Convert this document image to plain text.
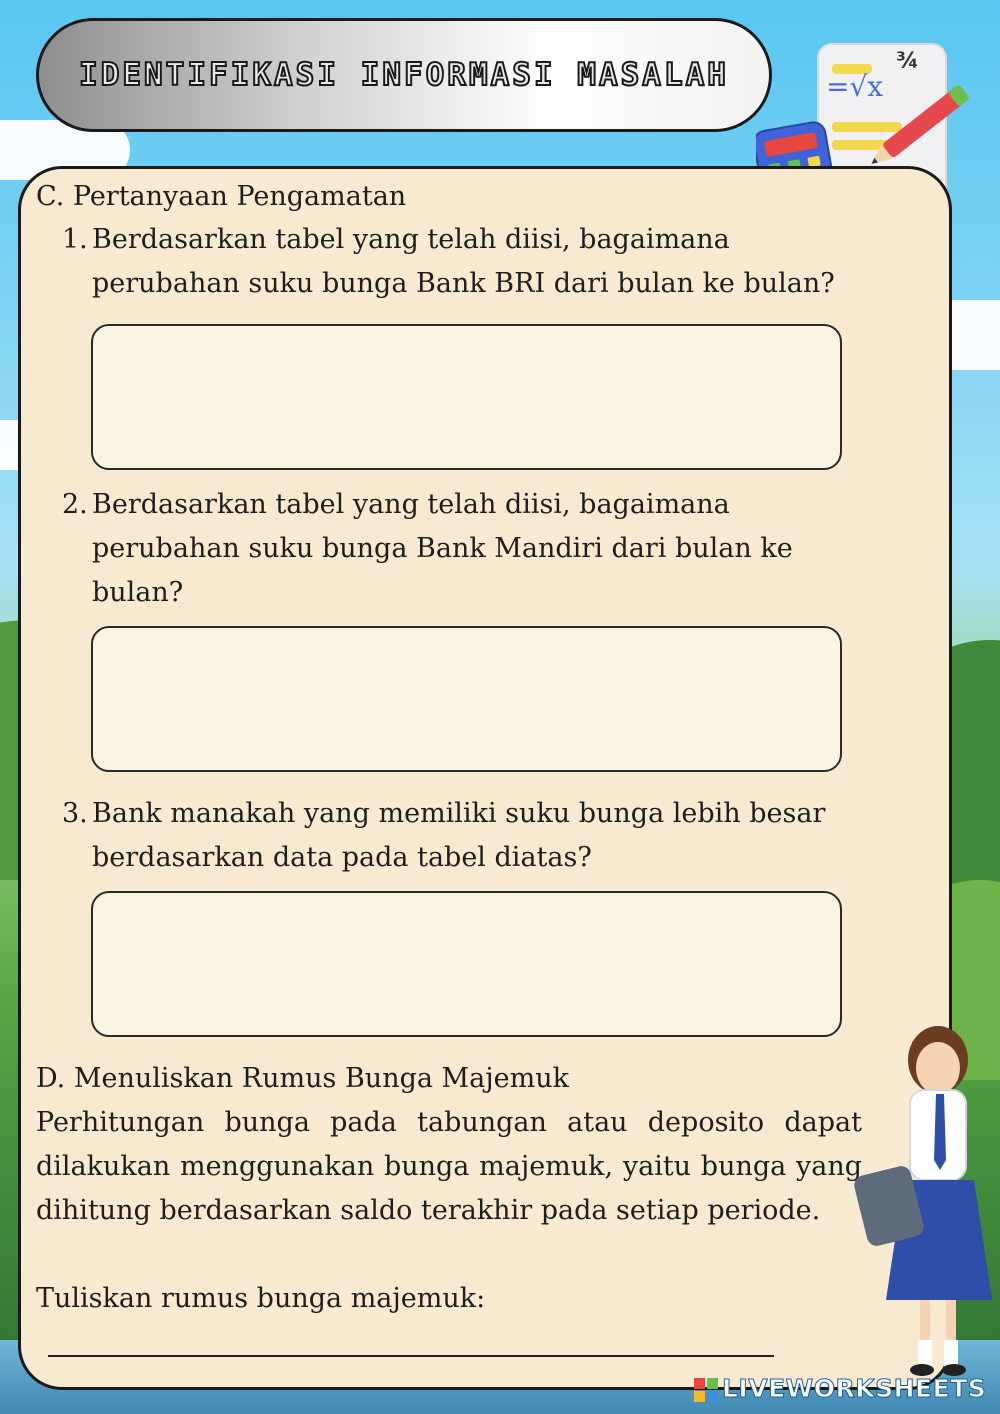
IDENTIFIKASI INFORMASI MASALAH	=√x
¾
C. Pertanyaan Pengamatan
1. Berdasarkan tabel yang telah diisi, bagaimana perubahan suku bunga Bank BRI dari bulan ke bulan?
2. Berdasarkan tabel yang telah diisi, bagaimana perubahan suku bunga Bank Mandiri dari bulan ke bulan?
3. Bank manakah yang memiliki suku bunga lebih besar berdasarkan data pada tabel diatas?
D. Menuliskan Rumus Bunga Majemuk
Perhitungan bunga pada tabungan atau deposito dapat dilakukan menggunakan bunga majemuk, yaitu bunga yang dihitung berdasarkan saldo terakhir pada setiap periode.
Tuliskan rumus bunga majemuk:
LIVEWORKSHEETS
